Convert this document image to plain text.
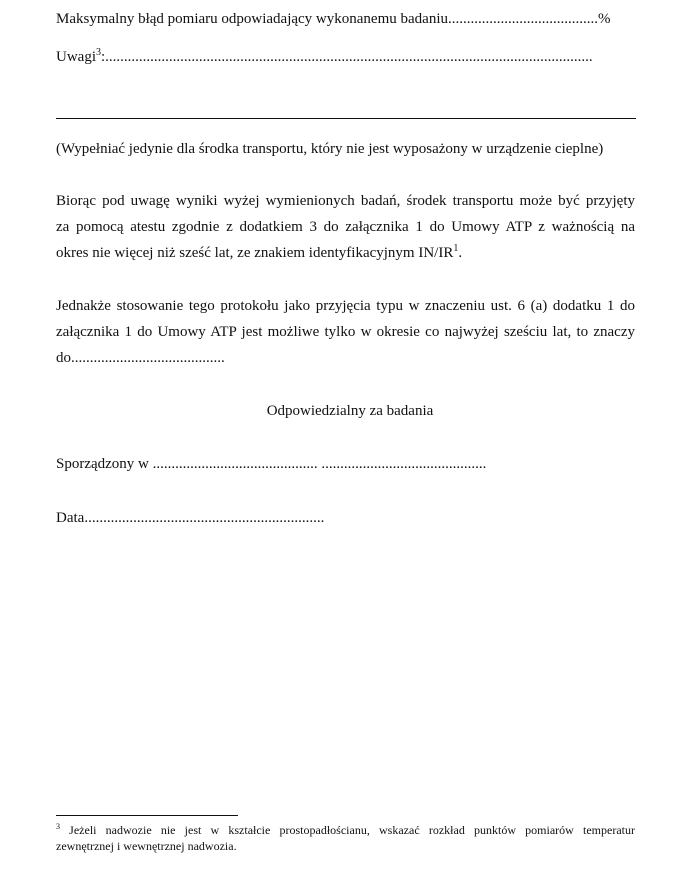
Maksymalny błąd pomiaru odpowiadający wykonanemu badaniu........................................%
Uwagi$^3$:..................................................................................................................................
(Wypełniać jedynie dla środka transportu, który nie jest wyposażony w urządzenie cieplne)
Biorąc pod uwagę wyniki wyżej wymienionych badań, środek transportu może być przyjęty
za pomocą atestu zgodnie z dodatkiem 3 do załącznika 1 do Umowy ATP z ważnością na
okres nie więcej niż sześć lat, ze znakiem identyfikacyjnym $IN/IR^1$.
Jednakże stosowanie tego protokołu jako przyjęcia typu w znaczeniu ust. 6 (a) dodatku 1 do
załącznika 1 do Umowy ATP jest możliwe tylko w okresie co najwyżej sześciu lat, to znaczy
do.........................................
Odpowiedzialny za badania
Sporządzony w ............................................ ............................................
Data................................................................
$^3$ Jeżeli nadwozie nie jest w kształcie prostopadłościanu, wskazać rozkład punktów pomiarów temperatur
zewnętrznej i wewnętrznej nadwozia.
